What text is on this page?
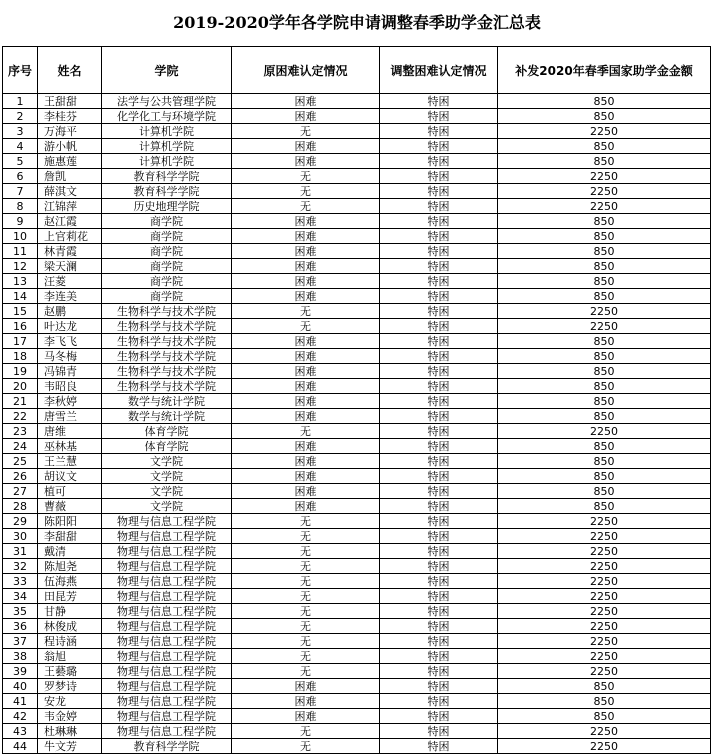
2019-2020学年各学院申请调整春季助学金汇总表
序号	姓名	学院	原困难认定情况	调整困难认定情况	补发2020年春季国家助学金金额
1	王甜甜	法学与公共管理学院	困难	特困	850
2	李桂芬	化学化工与环境学院	困难	特困	850
3	万海平	计算机学院	无	特困	2250
4	游小帆	计算机学院	困难	特困	850
5	施惠莲	计算机学院	困难	特困	850
6	詹凯	教育科学学院	无	特困	2250
7	薛淇文	教育科学学院	无	特困	2250
8	江锦萍	历史地理学院	无	特困	2250
9	赵江霞	商学院	困难	特困	850
10	上官莉花	商学院	困难	特困	850
11	林青霞	商学院	困难	特困	850
12	梁天澜	商学院	困难	特困	850
13	汪菱	商学院	困难	特困	850
14	李连美	商学院	困难	特困	850
15	赵鹏	生物科学与技术学院	无	特困	2250
16	叶达龙	生物科学与技术学院	无	特困	2250
17	李飞飞	生物科学与技术学院	困难	特困	850
18	马冬梅	生物科学与技术学院	困难	特困	850
19	冯锦青	生物科学与技术学院	困难	特困	850
20	韦昭良	生物科学与技术学院	困难	特困	850
21	李秋婷	数学与统计学院	困难	特困	850
22	唐雪兰	数学与统计学院	困难	特困	850
23	唐维	体育学院	无	特困	2250
24	巫林基	体育学院	困难	特困	850
25	王兰慧	文学院	困难	特困	850
26	胡议文	文学院	困难	特困	850
27	植可	文学院	困难	特困	850
28	曹薇	文学院	困难	特困	850
29	陈阳阳	物理与信息工程学院	无	特困	2250
30	李甜甜	物理与信息工程学院	无	特困	2250
31	戴清	物理与信息工程学院	无	特困	2250
32	陈旭尧	物理与信息工程学院	无	特困	2250
33	伍海燕	物理与信息工程学院	无	特困	2250
34	田昆芳	物理与信息工程学院	无	特困	2250
35	甘静	物理与信息工程学院	无	特困	2250
36	林俊成	物理与信息工程学院	无	特困	2250
37	程诗涵	物理与信息工程学院	无	特困	2250
38	翁旭	物理与信息工程学院	无	特困	2250
39	王藝璐	物理与信息工程学院	无	特困	2250
40	罗梦诗	物理与信息工程学院	困难	特困	850
41	安龙	物理与信息工程学院	困难	特困	850
42	韦金婷	物理与信息工程学院	困难	特困	850
43	杜琳琳	物理与信息工程学院	无	特困	2250
44	牛文芳	教育科学学院	无	特困	2250
